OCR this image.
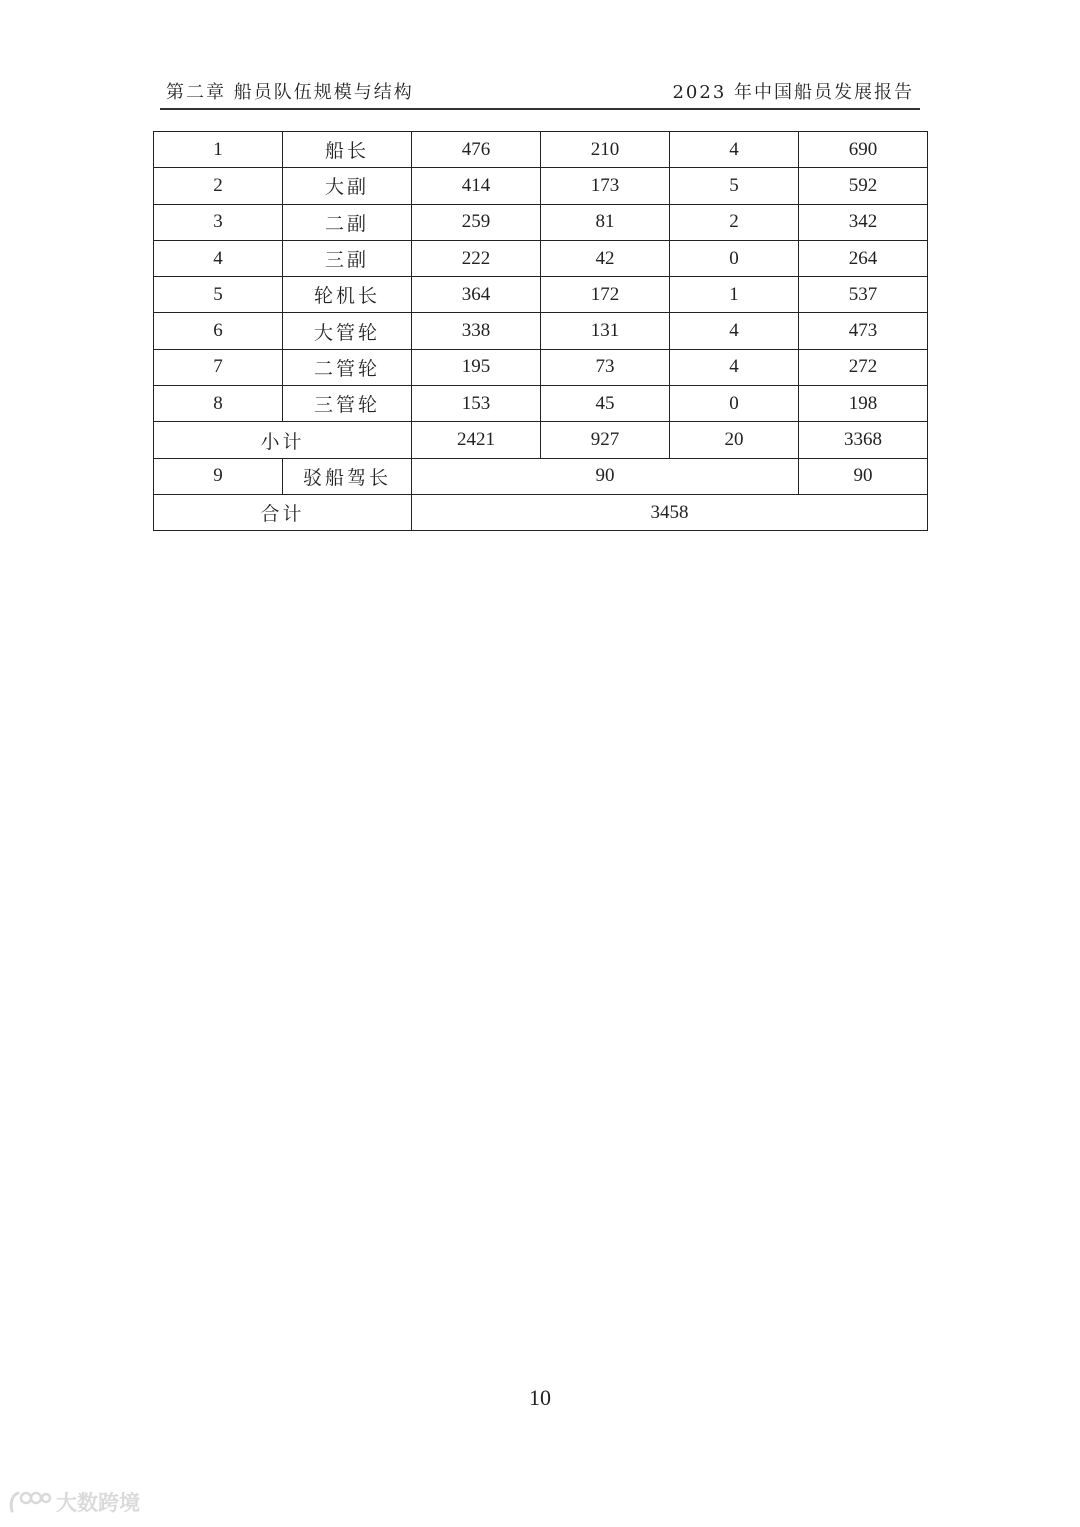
第二章 船员队伍规模与结构	2023 年中国船员发展报告
1	船长	476	210	4	690
2	大副	414	173	5	592
3	二副	259	81	2	342
4	三副	222	42	0	264
5	轮机长	364	172	1	537
6	大管轮	338	131	4	473
7	二管轮	195	73	4	272
8	三管轮	153	45	0	198
小计		2421	927	20	3368
9	驳船驾长	90			90
合计		3458			
10
大数跨境
